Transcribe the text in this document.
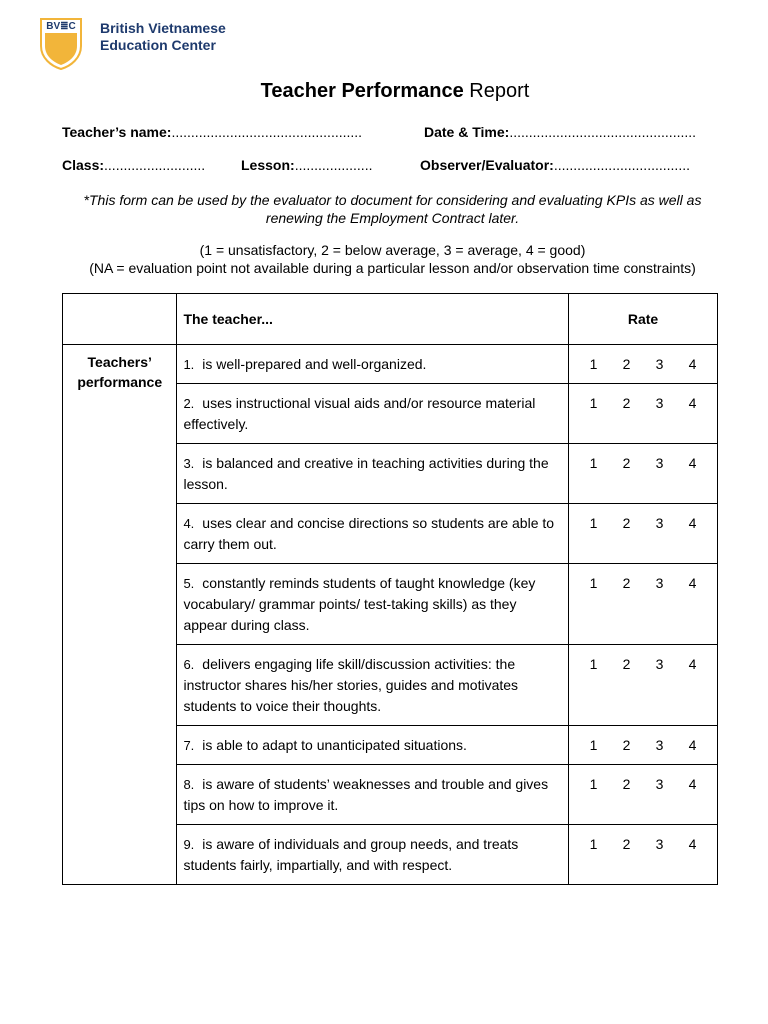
BV≣C British Vietnamese
Education Center
Teacher Performance Report
Teacher’s name:.................................................	Date & Time:................................................
Class:..........................	Lesson:....................	Observer/Evaluator:...................................
*This form can be used by the evaluator to document for considering and evaluating KPIs as well as renewing the Employment Contract later.
(1 = unsatisfactory, 2 = below average, 3 = average, 4 = good)
(NA = evaluation point not available during a particular lesson and/or observation time constraints)
	The teacher...	Rate
Teachers’ performance	1. is well-prepared and well-organized.	1 2 3 4
	2. uses instructional visual aids and/or resource material effectively.	1 2 3 4
	3. is balanced and creative in teaching activities during the lesson.	1 2 3 4
	4. uses clear and concise directions so students are able to carry them out.	1 2 3 4
	5. constantly reminds students of taught knowledge (key vocabulary/ grammar points/ test-taking skills) as they appear during class.	1 2 3 4
	6. delivers engaging life skill/discussion activities: the instructor shares his/her stories, guides and motivates students to voice their thoughts.	1 2 3 4
	7. is able to adapt to unanticipated situations.	1 2 3 4
	8. is aware of students’ weaknesses and trouble and gives tips on how to improve it.	1 2 3 4
	9. is aware of individuals and group needs, and treats students fairly, impartially, and with respect.	1 2 3 4
